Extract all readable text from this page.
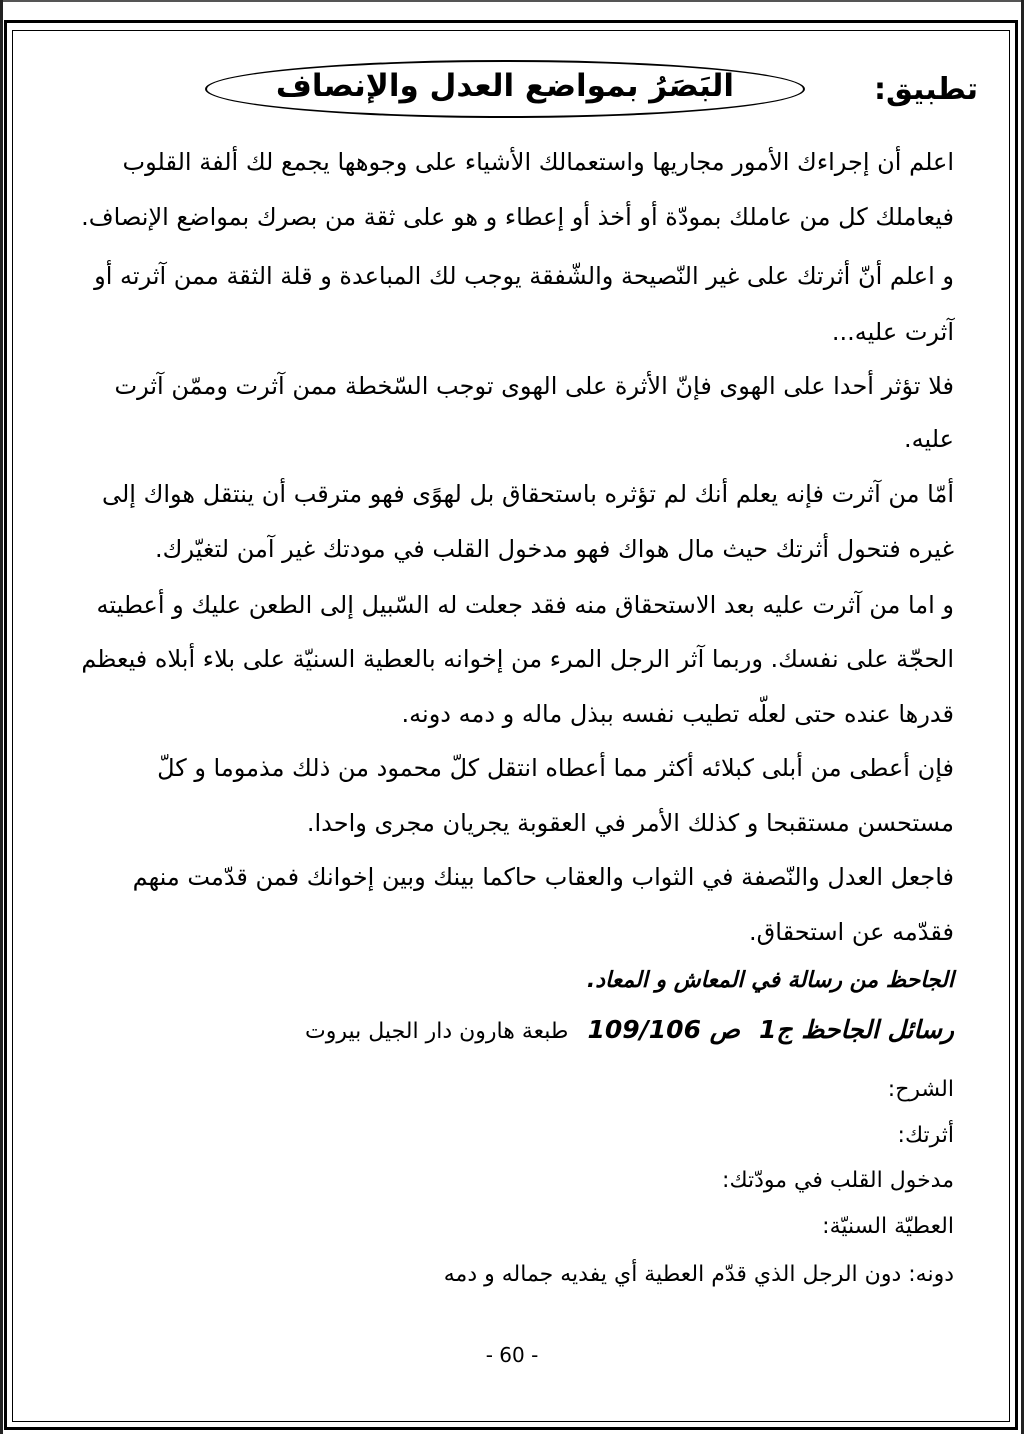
البَصَرُ بمواضع العدل والإنصاف	تطبيق:
اعلم أن إجراءك الأمور مجاريها واستعمالك الأشياء على وجوهها يجمع لك ألفة القلوب
فيعاملك كل من عاملك بمودّة أو أخذ أو إعطاء و هو على ثقة من بصرك بمواضع الإنصاف.
و اعلم أنّ أثرتك على غير النّصيحة والشّفقة يوجب لك المباعدة و قلة الثقة ممن آثرته أو
آثرت عليه...
فلا تؤثر أحدا على الهوى فإنّ الأثرة على الهوى توجب السّخطة ممن آثرت وممّن آثرت
عليه.
أمّا من آثرت فإنه يعلم أنك لم تؤثره باستحقاق بل لهوًى فهو مترقب أن ينتقل هواك إلى
غيره فتحول أثرتك حيث مال هواك فهو مدخول القلب في مودتك غير آمن لتغيّرك.
و اما من آثرت عليه بعد الاستحقاق منه فقد جعلت له السّبيل إلى الطعن عليك و أعطيته
الحجّة على نفسك. وربما آثر الرجل المرء من إخوانه بالعطية السنيّة على بلاء أبلاه فيعظم
قدرها عنده حتى لعلّه تطيب نفسه ببذل ماله و دمه دونه.
فإن أعطى من أبلى كبلائه أكثر مما أعطاه انتقل كلّ محمود من ذلك مذموما و كلّ
مستحسن مستقبحا و كذلك الأمر في العقوبة يجريان مجرى واحدا.
فاجعل العدل والنّصفة في الثواب والعقاب حاكما بينك وبين إخوانك فمن قدّمت منهم
فقدّمه عن استحقاق.
الجاحظ من رسالة في المعاش و المعاد.
رسائل الجاحظ ج1 109/106 ص طبعة هارون دار الجيل بيروت
الشرح:
أثرتك:
مدخول القلب في مودّتك:
العطيّة السنيّة:
دونه: دون الرجل الذي قدّم العطية أي يفديه جماله و دمه
- 60 -
